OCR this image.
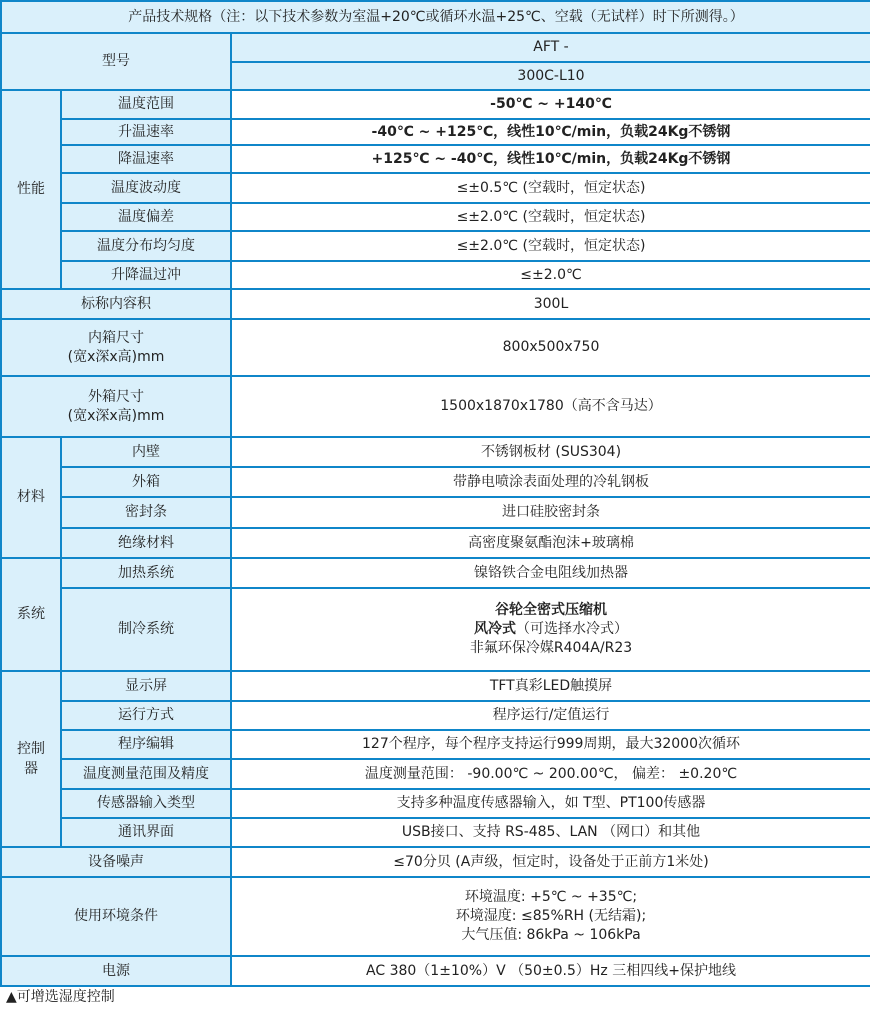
产品技术规格（注：以下技术参数为室温+20℃或循环水温+25℃、空载（无试样）时下所测得。）		
型号		AFT -
		300C-L10
性能	温度范围	-50℃ ~ +140℃
	升温速率	-40℃ ~ +125℃，线性10℃/min，负载24Kg不锈钢
	降温速率	+125℃ ~ -40℃，线性10℃/min，负载24Kg不锈钢
	温度波动度	≤±0.5℃ (空载时，恒定状态)
	温度偏差	≤±2.0℃ (空载时，恒定状态)
	温度分布均匀度	≤±2.0℃ (空载时，恒定状态)
	升降温过冲	≤±2.0℃
标称内容积		300L

内箱尺寸
(宽x深x高)mm		800x500x750

外箱尺寸
(宽x深x高)mm		1500x1870x1780（高不含马达）
材料	内壁	不锈钢板材 (SUS304)
	外箱	带静电喷涂表面处理的冷轧钢板
	密封条	进口硅胶密封条
	绝缘材料	高密度聚氨酯泡沫+玻璃棉
系统	加热系统	镍铬铁合金电阻线加热器
	制冷系统	谷轮全密式压缩机
风冷式（可选择水冷式）
非氟环保冷媒R404A/R23

控制器	显示屏	TFT真彩LED触摸屏
	运行方式	程序运行/定值运行
	程序编辑	127个程序，每个程序支持运行999周期，最大32000次循环
	温度测量范围及精度	温度测量范围： -90.00℃ ~ 200.00℃， 偏差： ±0.20℃
	传感器输入类型	支持多种温度传感器输入，如 T型、PT100传感器
	通讯界面	USB接口、支持 RS-485、LAN （网口）和其他
设备噪声		≤70分贝 (A声级，恒定时，设备处于正前方1米处)
使用环境条件		环境温度: +5℃ ~ +35℃;
环境湿度: ≤85%RH (无结霜);
大气压值: 86kPa ~ 106kPa

电源		AC 380（1±10%）V （50±0.5）Hz 三相四线+保护地线
▲可增选湿度控制
